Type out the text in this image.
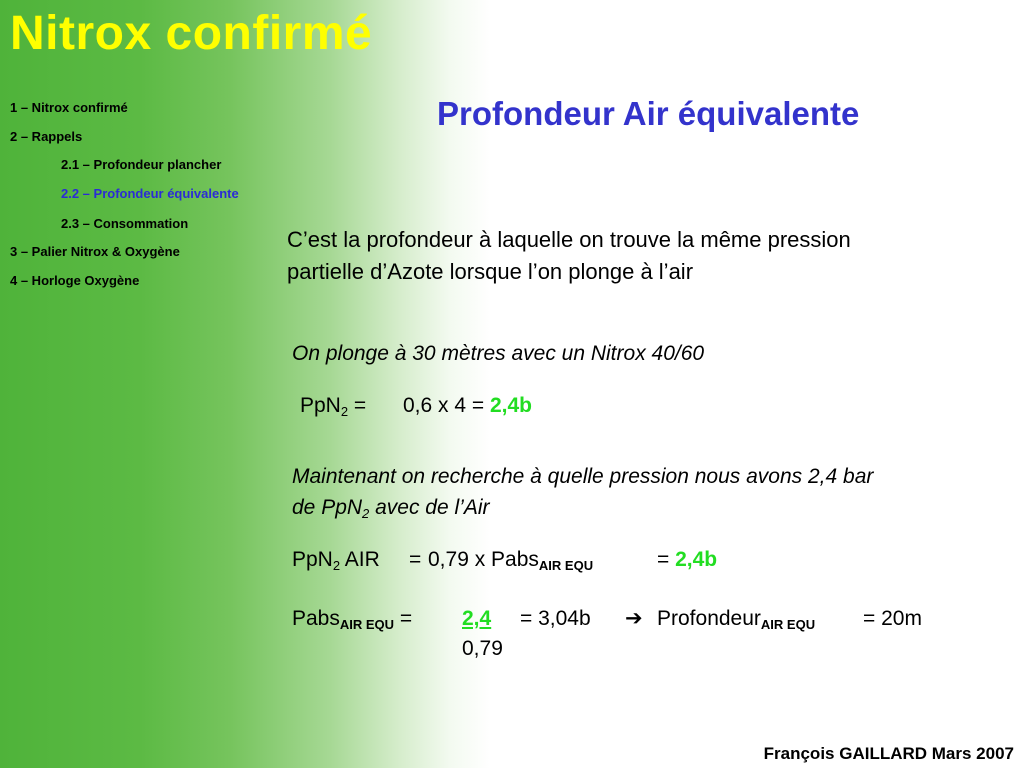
Nitrox confirmé
1 – Nitrox confirmé
2 – Rappels
2.1 – Profondeur plancher
2.2 – Profondeur équivalente
2.3 – Consommation
3 – Palier Nitrox & Oxygène
4 – Horloge Oxygène
Profondeur Air équivalente
C’est la profondeur à laquelle on trouve la même pression
partielle d’Azote lorsque l’on plonge à l’air
On plonge à 30 mètres avec un Nitrox 40/60
PpN$_2$ = 0,6 x 4 = 2,4b
Maintenant on recherche à quelle pression nous avons 2,4 bar
de PpN$_2$ avec de l’Air
PpN$_2$ AIR = 0,79 x Pabs$_{AIR EQU}$	= 2,4b
Pabs$_{AIR EQU}$ = 2,4
0,79
= 3,04b ➔ Profondeur$_{AIR EQU}$ = 20m
François GAILLARD Mars 2007
